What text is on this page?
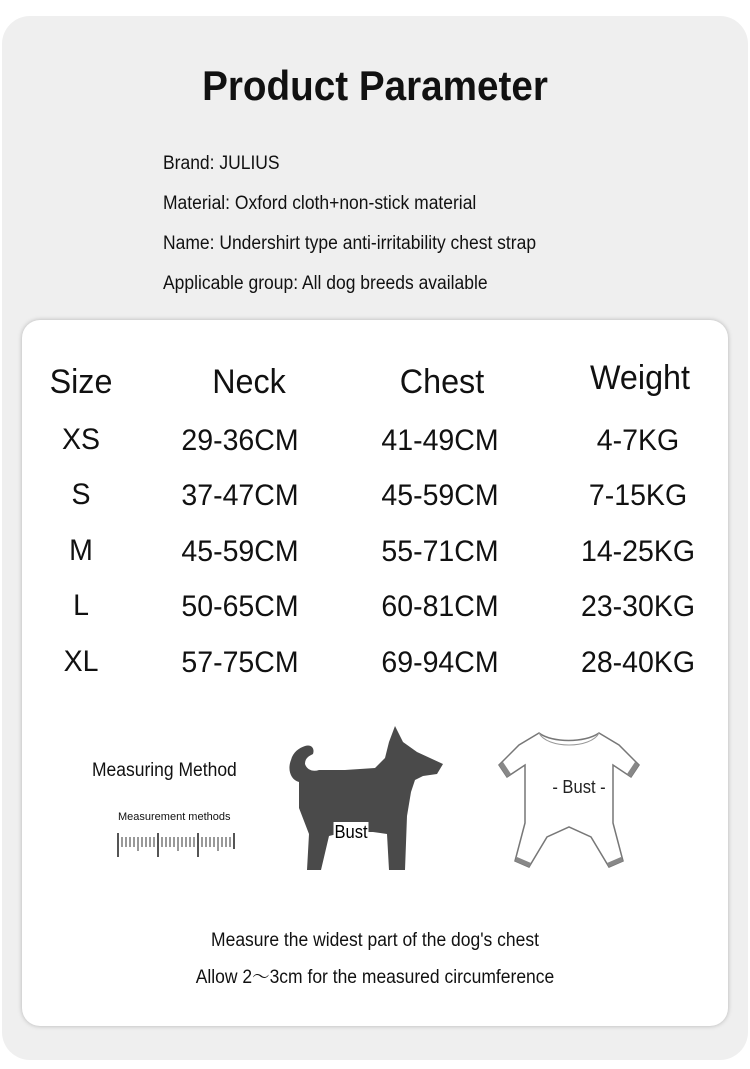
Product Parameter
Brand: JULIUS
Material: Oxford cloth+non-stick material
Name: Undershirt type anti-irritability chest strap
Applicable group: All dog breeds available
Size	Neck	Chest	Weight
XS	29-36CM	41-49CM	4-7KG
S	37-47CM	45-59CM	7-15KG
M	45-59CM	55-71CM	14-25KG
L	50-65CM	60-81CM	23-30KG
XL	57-75CM	69-94CM	28-40KG
Measuring Method
Measurement methods
Bust
- Bust -
Measure the widest part of the dog's chest
Allow 2～3cm for the measured circumference
